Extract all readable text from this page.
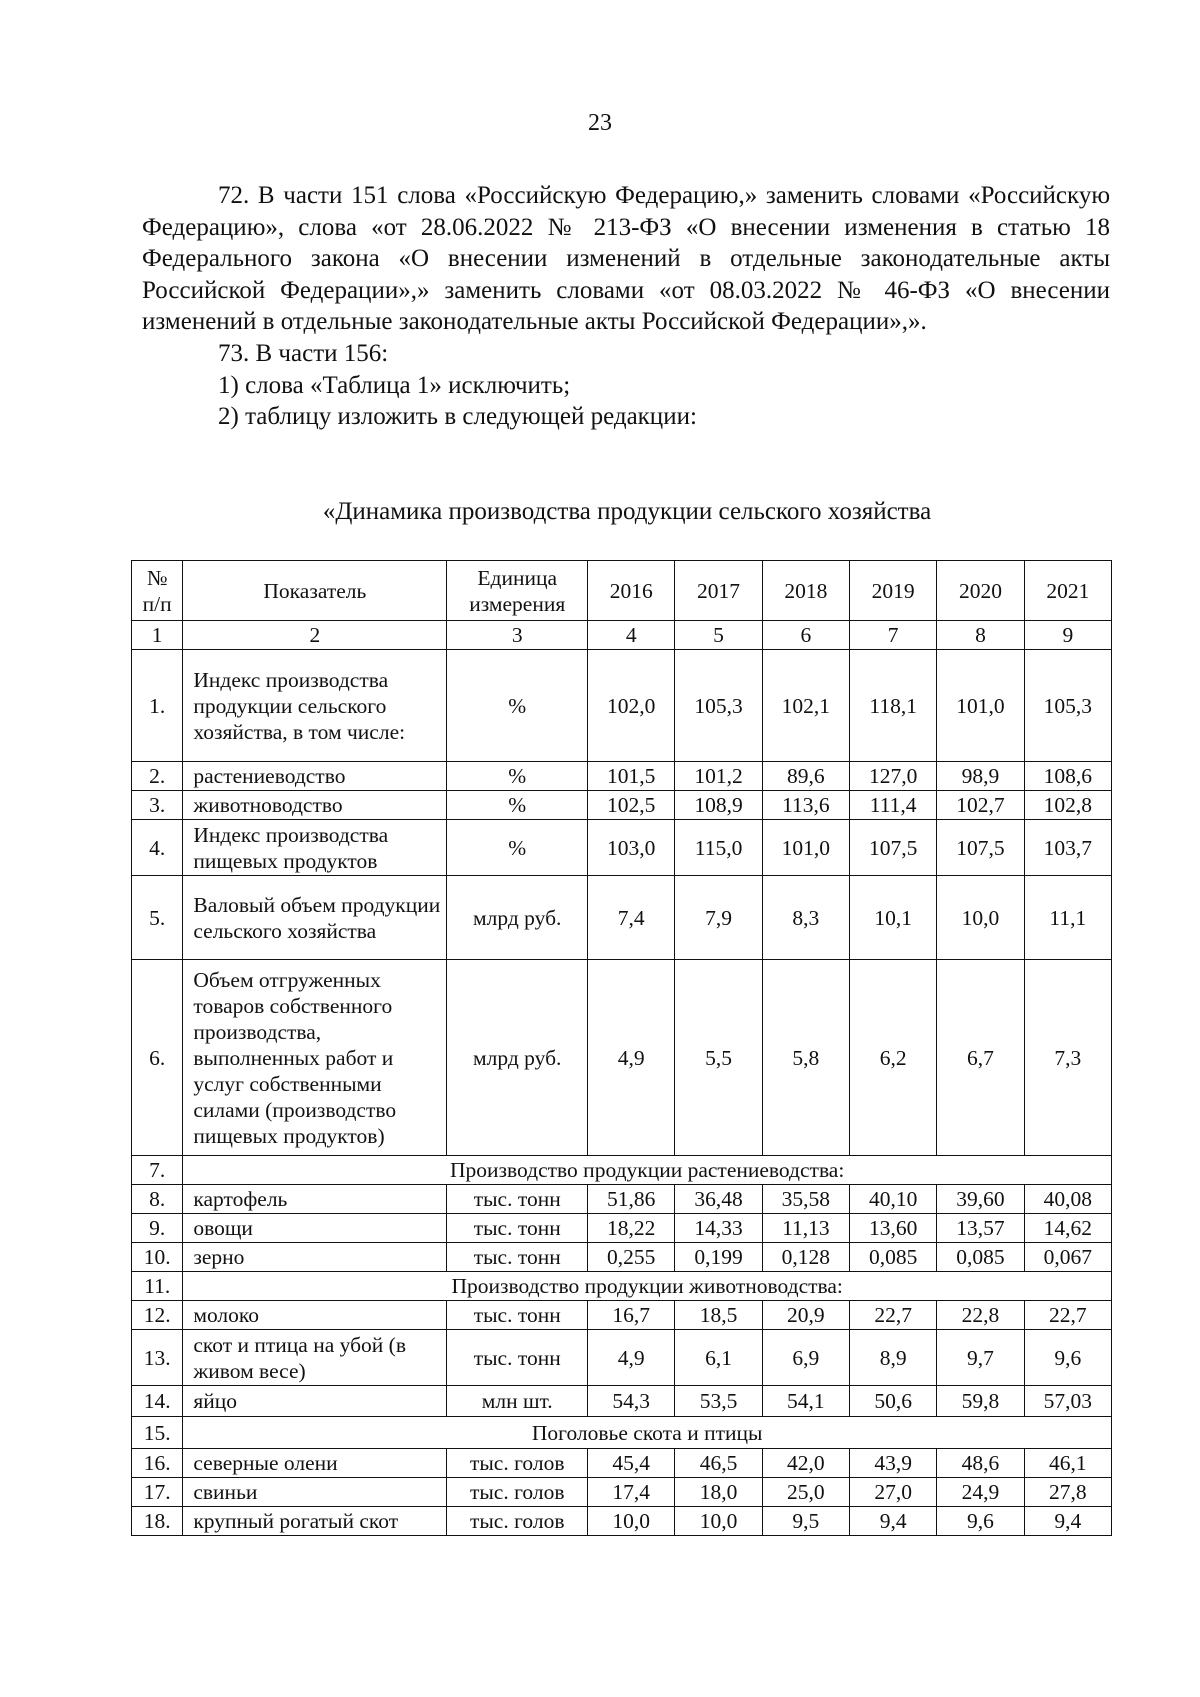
23

72. В части 151 слова «Российскую Федерацию,» заменить словами «Российскую Федерацию», слова «от 28.06.2022 № 213-ФЗ «О внесении изменения в статью 18 Федерального закона «О внесении изменений в отдельные законодательные акты Российской Федерации»,» заменить словами «от 08.03.2022 № 46-ФЗ «О внесении изменений в отдельные законодательные акты Российской Федерации»,».

73. В части 156:

1) слова «Таблица 1» исключить;

2) таблицу изложить в следующей редакции:

«Динамика производства продукции сельского хозяйства
№ п/п	Показатель	Единица измерения	2016	2017	2018	2019	2020	2021
1	2	3	4	5	6	7	8	9
1.	Индекс производства продукции сельского хозяйства, в том числе:	%	102,0	105,3	102,1	118,1	101,0	105,3
2.	растениеводство	%	101,5	101,2	89,6	127,0	98,9	108,6
3.	животноводство	%	102,5	108,9	113,6	111,4	102,7	102,8
4.	Индекс производства пищевых продуктов	%	103,0	115,0	101,0	107,5	107,5	103,7
5.	Валовый объем продукции сельского хозяйства	млрд руб.	7,4	7,9	8,3	10,1	10,0	11,1
6.	Объем отгруженных товаров собственного производства, выполненных работ и услуг собственными силами (производство пищевых продуктов)	млрд руб.	4,9	5,5	5,8	6,2	6,7	7,3
7.	Производство продукции растениеводства:							
8.	картофель	тыс. тонн	51,86	36,48	35,58	40,10	39,60	40,08
9.	овощи	тыс. тонн	18,22	14,33	11,13	13,60	13,57	14,62
10.	зерно	тыс. тонн	0,255	0,199	0,128	0,085	0,085	0,067
11.	Производство продукции животноводства:							
12.	молоко	тыс. тонн	16,7	18,5	20,9	22,7	22,8	22,7
13.	скот и птица на убой (в живом весе)	тыс. тонн	4,9	6,1	6,9	8,9	9,7	9,6
14.	яйцо	млн шт.	54,3	53,5	54,1	50,6	59,8	57,03
15.	Поголовье скота и птицы							
16.	северные олени	тыс. голов	45,4	46,5	42,0	43,9	48,6	46,1
17.	свиньи	тыс. голов	17,4	18,0	25,0	27,0	24,9	27,8
18.	крупный рогатый скот	тыс. голов	10,0	10,0	9,5	9,4	9,6	9,4
